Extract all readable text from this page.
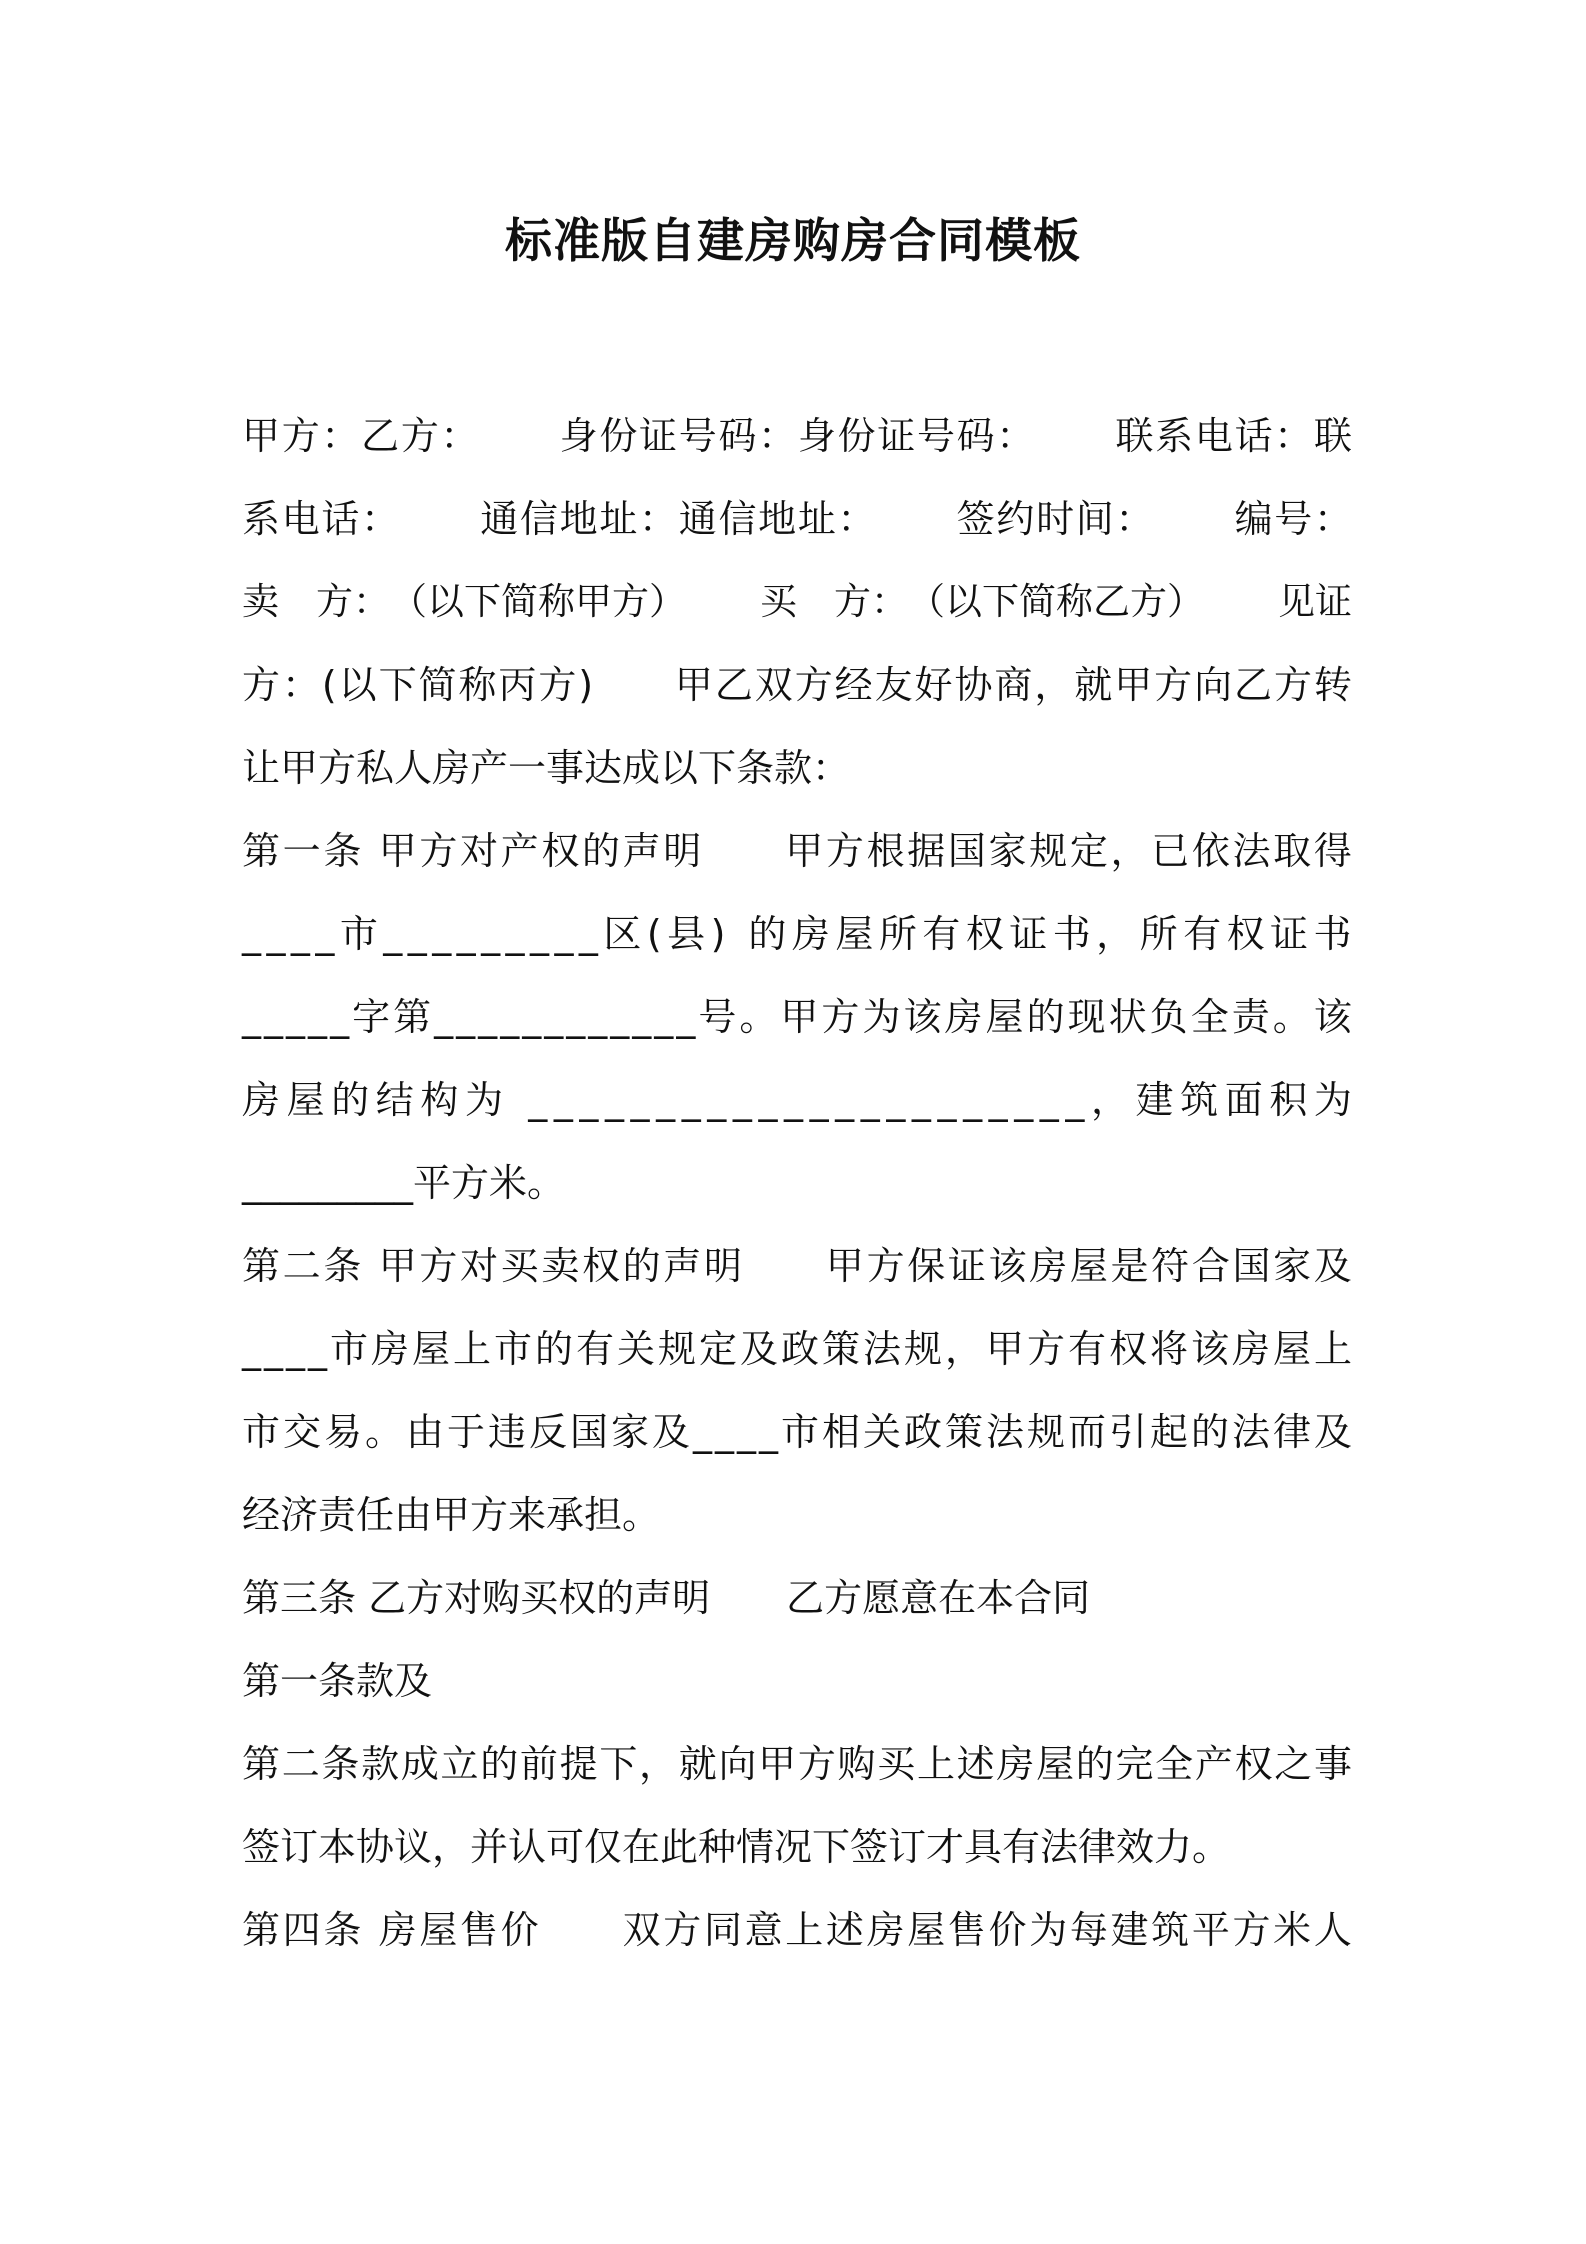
标准版自建房购房合同模板
甲 方 ： 乙 方 ：

　 身 份 证 号 码 ： 身 份 证 号 码 ：

　 联 系 电 话 ： 联
系 电 话 ：

　 通 信 地 址 ： 通 信 地 址 ：

　 签 约 时 间 ：

　 编 号 ：
卖
　 方 ： （ 以 下 简 称 甲 方 ）

　 买
　 方 ： （ 以 下 简 称 乙 方 ）

　 见 证
方 ： ( 以 下 简 称 丙 方 )

　 甲 乙 双 方 经 友 好 协 商 ， 就 甲 方 向 乙 方 转
让甲方私人房产一事达成以下条款：
第 一 条
甲 方 对 产 权 的 声 明

　 甲 方 根 据 国 家 规 定 ， 已 依 法 取 得
_ _ _ _ 市 _ _ _ _ _ _ _ _ _ 区 ( 县 )
的 房 屋 所 有 权 证 书 ， 所 有 权 证 书
_ _ _ _ _ 字 第 _ _ _ _ _ _ _ _ _ _ _ _ 号 。 甲 方 为 该 房 屋 的 现 状 负 全 责 。 该
房 屋 的 结 构 为
_ _ _ _ _ _ _ _ _ _ _ _ _ _ _ _ _ _ _ _ _ _ ， 建 筑 面 积 为
_________平方米。
第 二 条
甲 方 对 买 卖 权 的 声 明

　 甲 方 保 证 该 房 屋 是 符 合 国 家 及
_ _ _ _ 市 房 屋 上 市 的 有 关 规 定 及 政 策 法 规 ， 甲 方 有 权 将 该 房 屋 上
市 交 易 。 由 于 违 反 国 家 及 _ _ _ _ 市 相 关 政 策 法 规 而 引 起 的 法 律 及
经济责任由甲方来承担。
第三条 乙方对购买权的声明　　乙方愿意在本合同
第一条款及
第 二 条 款 成 立 的 前 提 下 ， 就 向 甲 方 购 买 上 述 房 屋 的 完 全 产 权 之 事
签订本协议，并认可仅在此种情况下签订才具有法律效力。
第 四 条
房 屋 售 价

　 双 方 同 意 上 述 房 屋 售 价 为 每 建 筑 平 方 米 人
